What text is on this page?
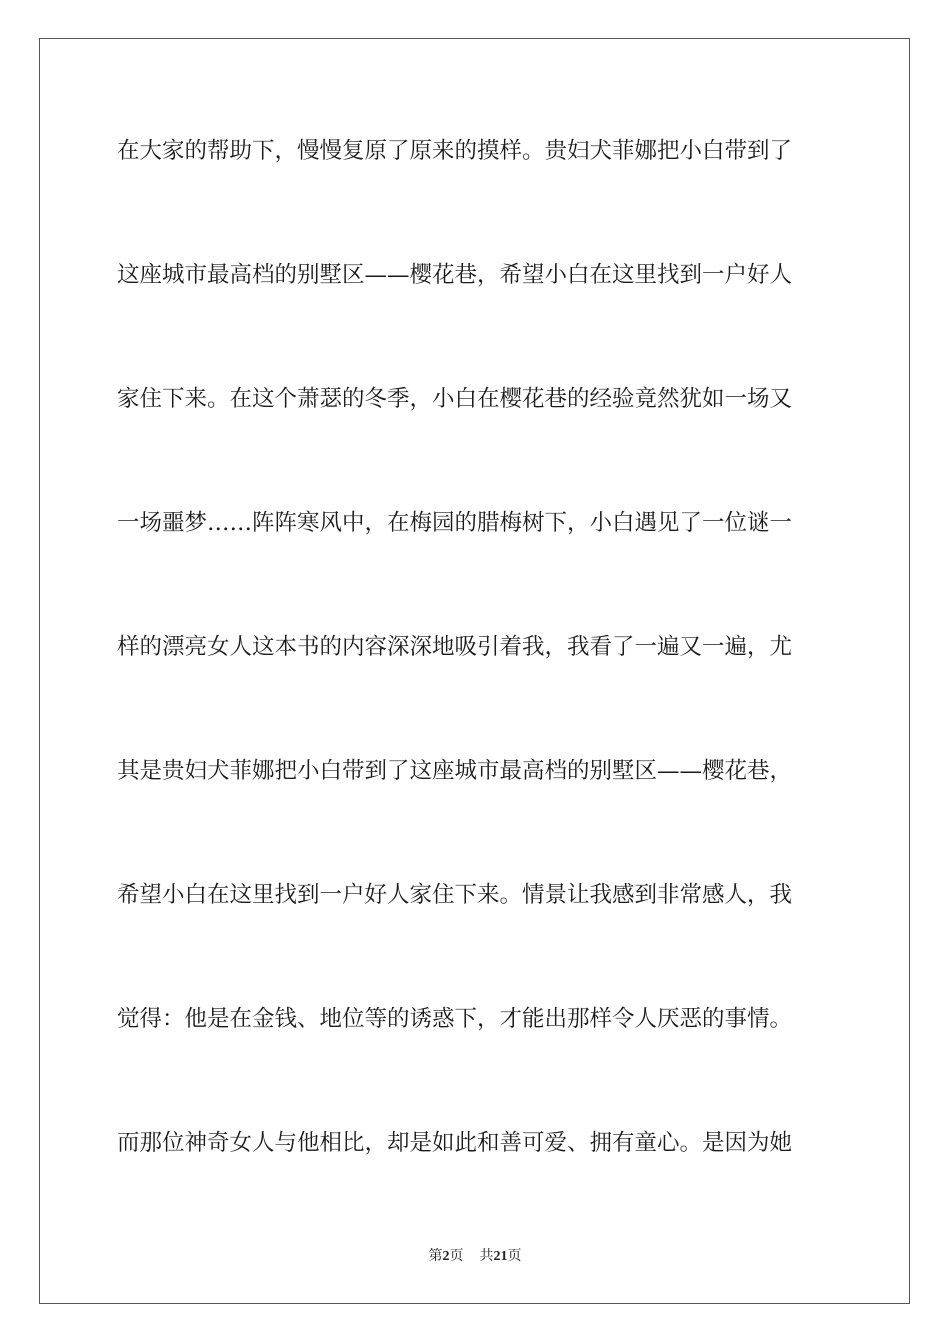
在大家的帮助下，慢慢复原了原来的摸样。贵妇犬菲娜把小白带到了
这座城市最高档的别墅区——樱花巷，希望小白在这里找到一户好人
家住下来。在这个萧瑟的冬季，小白在樱花巷的经验竟然犹如一场又
一场噩梦……阵阵寒风中，在梅园的腊梅树下，小白遇见了一位谜一
样的漂亮女人这本书的内容深深地吸引着我，我看了一遍又一遍，尤
其是贵妇犬菲娜把小白带到了这座城市最高档的别墅区——樱花巷，
希望小白在这里找到一户好人家住下来。情景让我感到非常感人，我
觉得：他是在金钱、地位等的诱惑下，才能出那样令人厌恶的事情。
而那位神奇女人与他相比，却是如此和善可爱、拥有童心。是因为她
第2页 共21页
